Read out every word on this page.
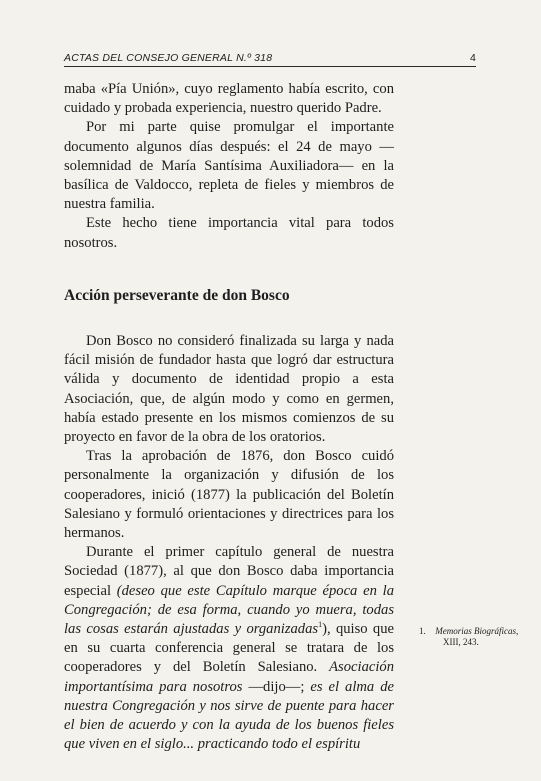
ACTAS DEL CONSEJO GENERAL N.º 318	4

maba «Pía Unión», cuyo reglamento había escrito, con cuidado y probada experiencia, nuestro querido Padre.

Por mi parte quise promulgar el importante documento algunos días después: el 24 de mayo —solemnidad de María Santísima Auxiliadora— en la basílica de Valdocco, repleta de fieles y miembros de nuestra familia.

Este hecho tiene importancia vital para todos nosotros.

Acción perseverante de don Bosco

Don Bosco no consideró finalizada su larga y nada fácil misión de fundador hasta que logró dar estructura válida y documento de identidad propio a esta Asociación, que, de algún modo y como en germen, había estado presente en los mismos comienzos de su proyecto en favor de la obra de los oratorios.

Tras la aprobación de 1876, don Bosco cuidó personalmente la organización y difusión de los cooperadores, inició (1877) la publicación del Boletín Salesiano y formuló orientaciones y directrices para los hermanos.

Durante el primer capítulo general de nuestra Sociedad (1877), al que don Bosco daba importancia especial (deseo que este Capítulo marque época en la Congregación; de esa forma, cuando yo muera, todas las cosas estarán ajustadas y organizadas$^1$), quiso que en su cuarta conferencia general se tratara de los cooperadores y del Boletín Salesiano. Asociación importantísima para nosotros —dijo—; es el alma de nuestra Congregación y nos sirve de puente para hacer el bien de acuerdo y con la ayuda de los buenos fieles que viven en el siglo... practicando todo el espíritu

1. Memorias Biográficas,
XIII, 243.
